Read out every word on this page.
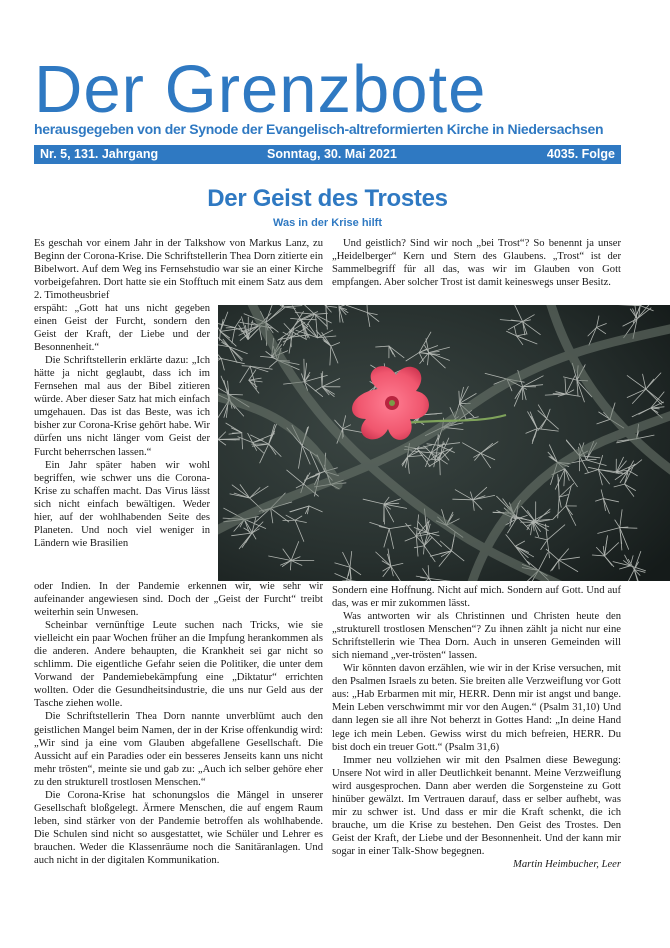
Der Grenzbote
herausgegeben von der Synode der Evangelisch-altreformierten Kirche in Niedersachsen
Nr. 5, 131. Jahrgang	Sonntag, 30. Mai 2021	4035. Folge
Der Geist des Trostes
Was in der Krise hilft

Es geschah vor einem Jahr in der Talkshow von Markus Lanz, zu Beginn der Corona-Krise. Die Schriftstellerin Thea Dorn zitierte ein Bibelwort. Auf dem Weg ins Fernsehstudio war sie an einer Kirche vorbeigefahren. Dort hatte sie ein Stofftuch mit einem Satz aus dem 2. Timotheusbrief

erspäht: „Gott hat uns nicht gegeben einen Geist der Furcht, sondern den Geist der Kraft, der Liebe und der Besonnenheit.“

Die Schriftstellerin erklärte dazu: „Ich hätte ja nicht geglaubt, dass ich im Fernsehen mal aus der Bibel zitieren würde. Aber dieser Satz hat mich einfach umgehauen. Das ist das Beste, was ich bisher zur Corona-Krise gehört habe. Wir dürfen uns nicht länger vom Geist der Furcht beherrschen lassen.“

Ein Jahr später haben wir wohl begriffen, wie schwer uns die Corona-Krise zu schaffen macht. Das Virus lässt sich nicht einfach bewältigen. Weder hier, auf der wohlhabenden Seite des Planeten. Und noch viel weniger in Ländern wie Brasilien

oder Indien. In der Pandemie erkennen wir, wie sehr wir aufeinander angewiesen sind. Doch der „Geist der Furcht“ treibt weiterhin sein Unwesen.

Scheinbar vernünftige Leute suchen nach Tricks, wie sie vielleicht ein paar Wochen früher an die Impfung herankommen als die anderen. Andere behaupten, die Krankheit sei gar nicht so schlimm. Die eigentliche Gefahr seien die Politiker, die unter dem Vorwand der Pandemiebekämpfung eine „Diktatur“ errichten wollten. Oder die Gesundheitsindustrie, die uns nur Geld aus der Tasche ziehen wolle.

Die Schriftstellerin Thea Dorn nannte unverblümt auch den geistlichen Mangel beim Namen, der in der Krise offenkundig wird: „Wir sind ja eine vom Glauben abgefallene Gesellschaft. Die Aussicht auf ein Paradies oder ein besseres Jenseits kann uns nicht mehr trösten“, meinte sie und gab zu: „Auch ich selber gehöre eher zu den strukturell trostlosen Menschen.“

Die Corona-Krise hat schonungslos die Mängel in unserer Gesellschaft bloßgelegt. Ärmere Menschen, die auf engem Raum leben, sind stärker von der Pandemie betroffen als wohlhabende. Die Schulen sind nicht so ausgestattet, wie Schüler und Lehrer es brauchen. Weder die Klassenräume noch die Sanitäranlagen. Und auch nicht in der digitalen Kommunikation.

Und geistlich? Sind wir noch „bei Trost“? So benennt ja unser „Heidelberger“ Kern und Stern des Glaubens. „Trost“ ist der Sammelbegriff für all das, was wir im Glauben von Gott empfangen. Aber solcher Trost ist damit keineswegs unser Besitz.

Sondern eine Hoffnung. Nicht auf mich. Sondern auf Gott. Und auf das, was er mir zukommen lässt.

Was antworten wir als Christinnen und Christen heute den „strukturell trostlosen Menschen“? Zu ihnen zählt ja nicht nur eine Schriftstellerin wie Thea Dorn. Auch in unseren Gemeinden will sich niemand „ver-trösten“ lassen.

Wir könnten davon erzählen, wie wir in der Krise versuchen, mit den Psalmen Israels zu beten. Sie breiten alle Verzweiflung vor Gott aus: „Hab Erbarmen mit mir, HERR. Denn mir ist angst und bange. Mein Leben verschwimmt mir vor den Augen.“ (Psalm 31,10) Und dann legen sie all ihre Not beherzt in Gottes Hand: „In deine Hand lege ich mein Leben. Gewiss wirst du mich befreien, HERR. Du bist doch ein treuer Gott.“ (Psalm 31,6)

Immer neu vollziehen wir mit den Psalmen diese Bewegung: Unsere Not wird in aller Deutlichkeit benannt. Meine Verzweiflung wird ausgesprochen. Dann aber werden die Sorgensteine zu Gott hinüber gewälzt. Im Vertrauen darauf, dass er selber aufhebt, was mir zu schwer ist. Und dass er mir die Kraft schenkt, die ich brauche, um die Krise zu bestehen. Den Geist des Trostes. Den Geist der Kraft, der Liebe und der Besonnenheit. Und der kann mir sogar in einer Talk-Show begegnen.

Martin Heimbucher, Leer
